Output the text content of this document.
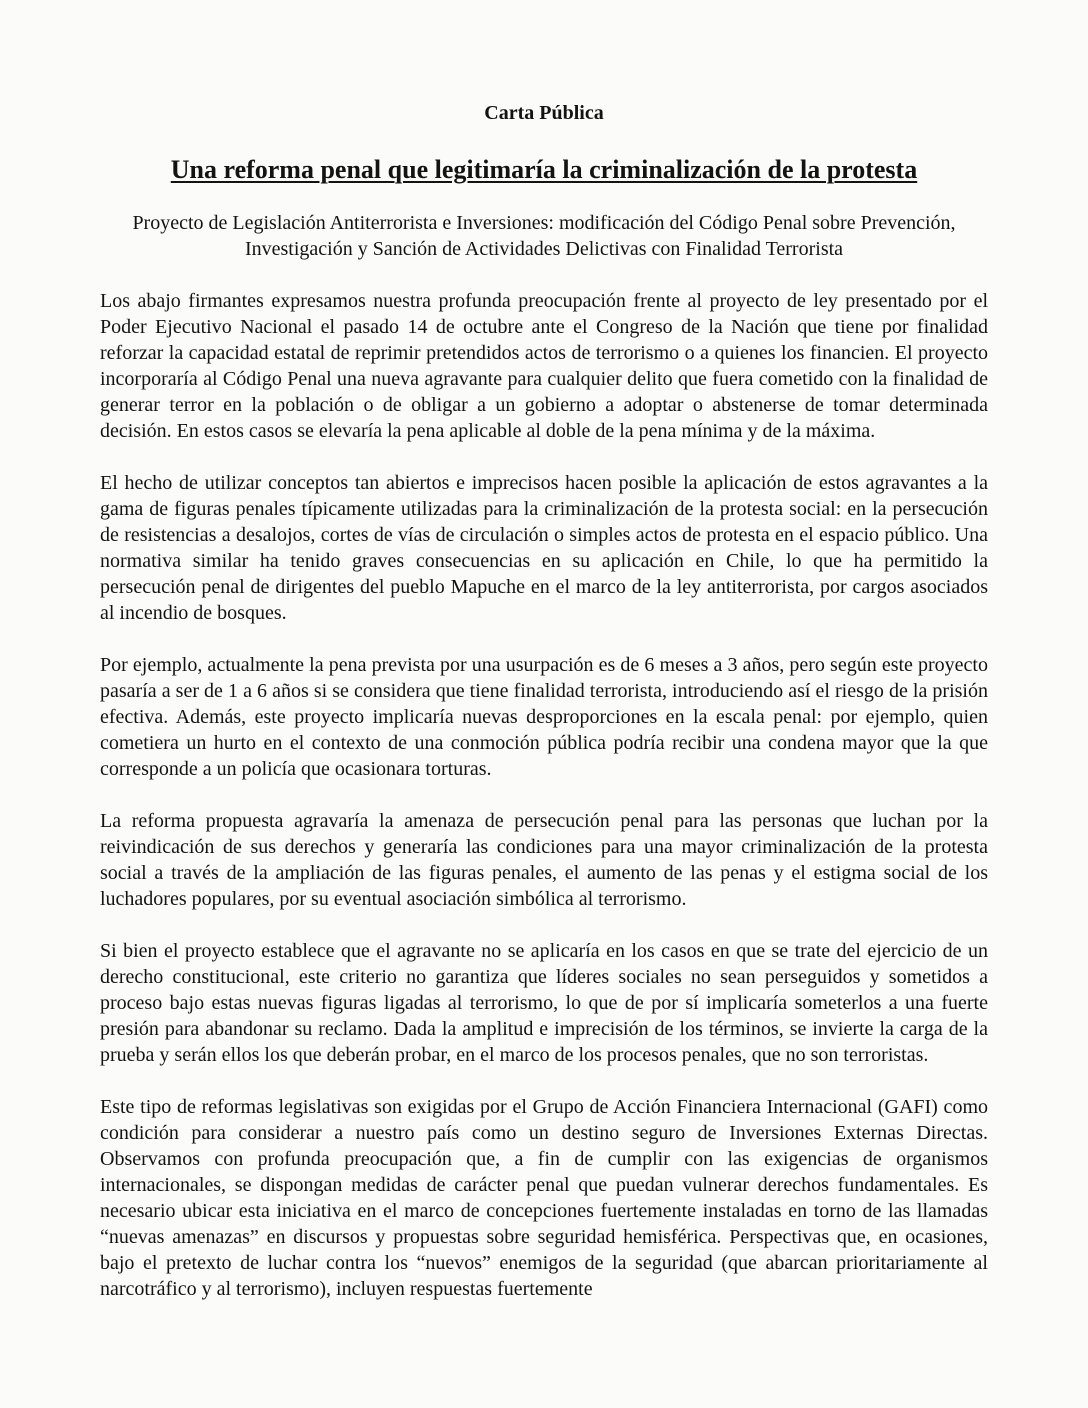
Carta Pública
Una reforma penal que legitimaría la criminalización de la protesta
Proyecto de Legislación Antiterrorista e Inversiones: modificación del Código Penal sobre Prevención, Investigación y Sanción de Actividades Delictivas con Finalidad Terrorista

Los abajo firmantes expresamos nuestra profunda preocupación frente al proyecto de ley presentado por el Poder Ejecutivo Nacional el pasado 14 de octubre ante el Congreso de la Nación que tiene por finalidad reforzar la capacidad estatal de reprimir pretendidos actos de terrorismo o a quienes los financien. El proyecto incorporaría al Código Penal una nueva agravante para cualquier delito que fuera cometido con la finalidad de generar terror en la población o de obligar a un gobierno a adoptar o abstenerse de tomar determinada decisión. En estos casos se elevaría la pena aplicable al doble de la pena mínima y de la máxima.

El hecho de utilizar conceptos tan abiertos e imprecisos hacen posible la aplicación de estos agravantes a la gama de figuras penales típicamente utilizadas para la criminalización de la protesta social: en la persecución de resistencias a desalojos, cortes de vías de circulación o simples actos de protesta en el espacio público. Una normativa similar ha tenido graves consecuencias en su aplicación en Chile, lo que ha permitido la persecución penal de dirigentes del pueblo Mapuche en el marco de la ley antiterrorista, por cargos asociados al incendio de bosques.

Por ejemplo, actualmente la pena prevista por una usurpación es de 6 meses a 3 años, pero según este proyecto pasaría a ser de 1 a 6 años si se considera que tiene finalidad terrorista, introduciendo así el riesgo de la prisión efectiva. Además, este proyecto implicaría nuevas desproporciones en la escala penal: por ejemplo, quien cometiera un hurto en el contexto de una conmoción pública podría recibir una condena mayor que la que corresponde a un policía que ocasionara torturas.

La reforma propuesta agravaría la amenaza de persecución penal para las personas que luchan por la reivindicación de sus derechos y generaría las condiciones para una mayor criminalización de la protesta social a través de la ampliación de las figuras penales, el aumento de las penas y el estigma social de los luchadores populares, por su eventual asociación simbólica al terrorismo.

Si bien el proyecto establece que el agravante no se aplicaría en los casos en que se trate del ejercicio de un derecho constitucional, este criterio no garantiza que líderes sociales no sean perseguidos y sometidos a proceso bajo estas nuevas figuras ligadas al terrorismo, lo que de por sí implicaría someterlos a una fuerte presión para abandonar su reclamo. Dada la amplitud e imprecisión de los términos, se invierte la carga de la prueba y serán ellos los que deberán probar, en el marco de los procesos penales, que no son terroristas.

Este tipo de reformas legislativas son exigidas por el Grupo de Acción Financiera Internacional (GAFI) como condición para considerar a nuestro país como un destino seguro de Inversiones Externas Directas. Observamos con profunda preocupación que, a fin de cumplir con las exigencias de organismos internacionales, se dispongan medidas de carácter penal que puedan vulnerar derechos fundamentales. Es necesario ubicar esta iniciativa en el marco de concepciones fuertemente instaladas en torno de las llamadas “nuevas amenazas” en discursos y propuestas sobre seguridad hemisférica. Perspectivas que, en ocasiones, bajo el pretexto de luchar contra los “nuevos” enemigos de la seguridad (que abarcan prioritariamente al narcotráfico y al terrorismo), incluyen respuestas fuertemente
